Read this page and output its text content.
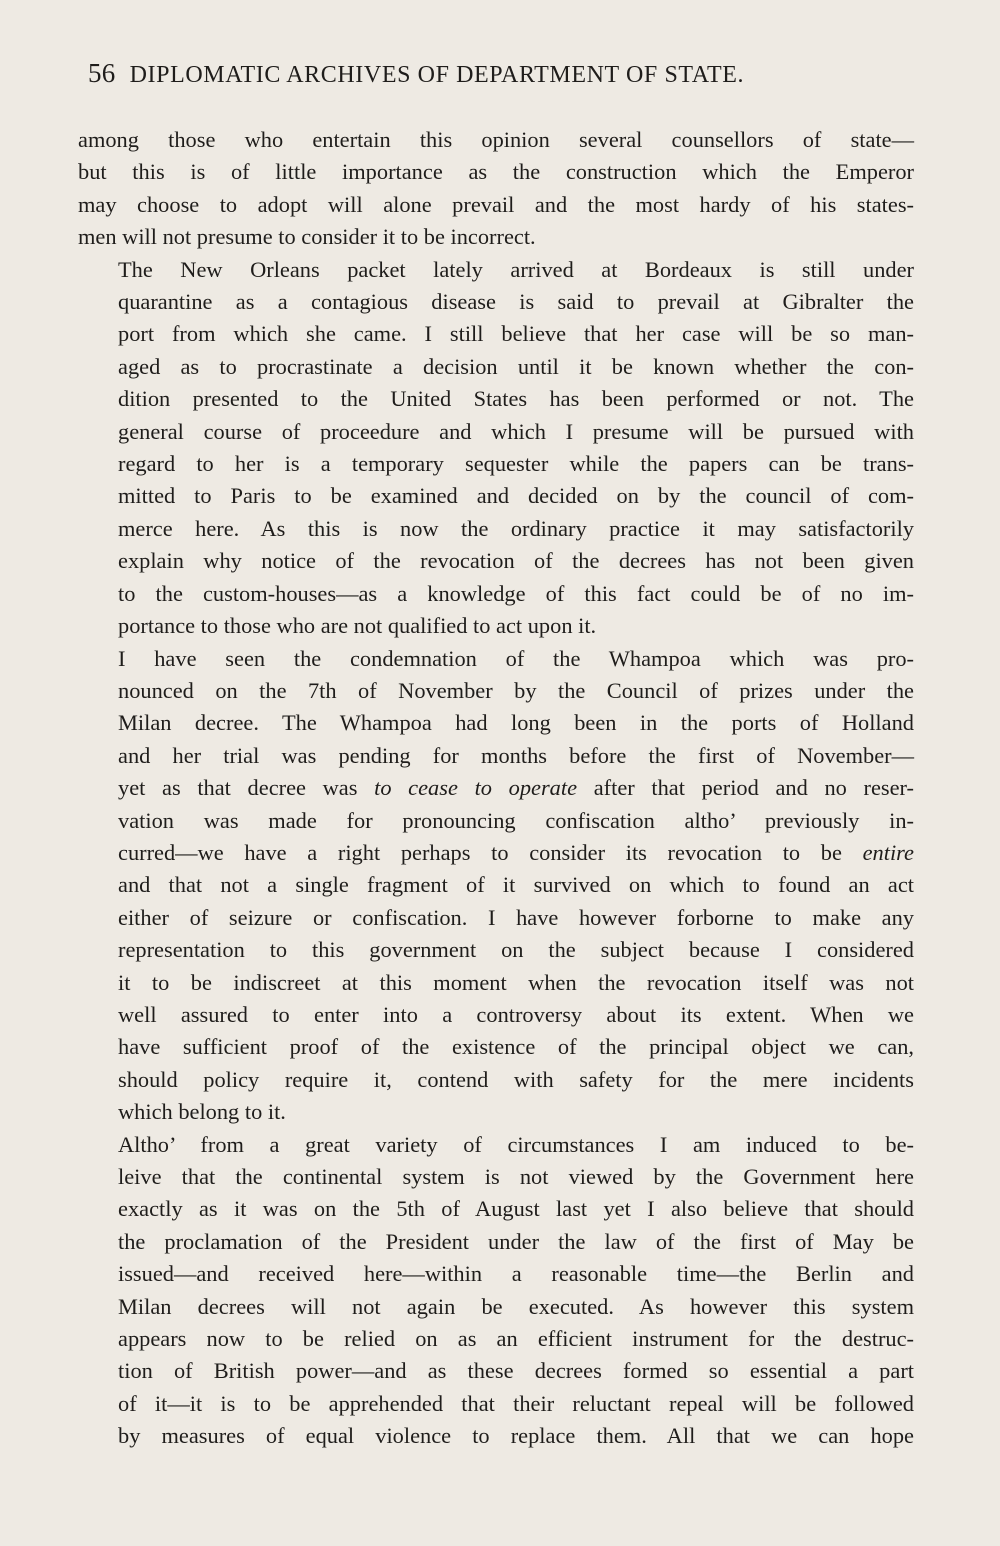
56 DIPLOMATIC ARCHIVES OF DEPARTMENT OF STATE.

among those who entertain this opinion several counsellors of state—
but this is of little importance as the construction which the Emperor
may choose to adopt will alone prevail and the most hardy of his states-
men will not presume to consider it to be incorrect.

The New Orleans packet lately arrived at Bordeaux is still under
quarantine as a contagious disease is said to prevail at Gibralter the
port from which she came. I still believe that her case will be so man-
aged as to procrastinate a decision until it be known whether the con-
dition presented to the United States has been performed or not. The
general course of proceedure and which I presume will be pursued with
regard to her is a temporary sequester while the papers can be trans-
mitted to Paris to be examined and decided on by the council of com-
merce here. As this is now the ordinary practice it may satisfactorily
explain why notice of the revocation of the decrees has not been given
to the custom-houses—as a knowledge of this fact could be of no im-
portance to those who are not qualified to act upon it.

I have seen the condemnation of the Whampoa which was pro-
nounced on the 7th of November by the Council of prizes under the
Milan decree. The Whampoa had long been in the ports of Holland
and her trial was pending for months before the first of November—
yet as that decree was to cease to operate after that period and no reser-
vation was made for pronouncing confiscation altho’ previously in-
curred—we have a right perhaps to consider its revocation to be entire
and that not a single fragment of it survived on which to found an act
either of seizure or confiscation. I have however forborne to make any
representation to this government on the subject because I considered
it to be indiscreet at this moment when the revocation itself was not
well assured to enter into a controversy about its extent. When we
have sufficient proof of the existence of the principal object we can,
should policy require it, contend with safety for the mere incidents
which belong to it.

Altho’ from a great variety of circumstances I am induced to be-
leive that the continental system is not viewed by the Government here
exactly as it was on the 5th of August last yet I also believe that should
the proclamation of the President under the law of the first of May be
issued—and received here—within a reasonable time—the Berlin and
Milan decrees will not again be executed. As however this system
appears now to be relied on as an efficient instrument for the destruc-
tion of British power—and as these decrees formed so essential a part
of it—it is to be apprehended that their reluctant repeal will be followed
by measures of equal violence to replace them. All that we can hope
